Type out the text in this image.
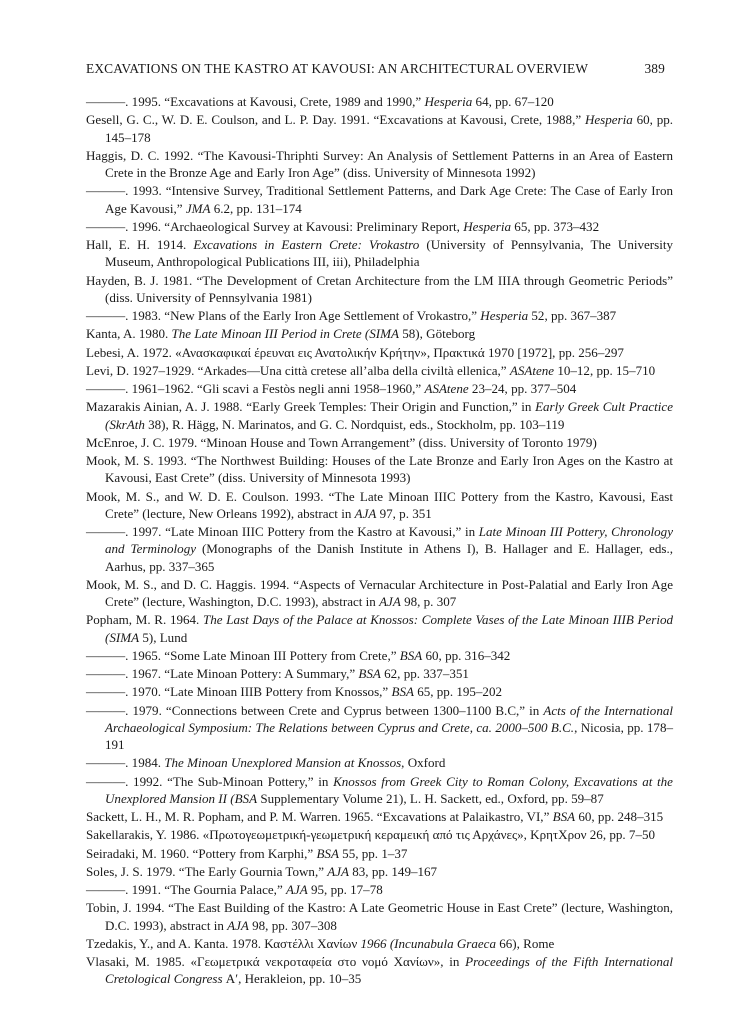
EXCAVATIONS ON THE KASTRO AT KAVOUSI: AN ARCHITECTURAL OVERVIEW	389
———. 1995. “Excavations at Kavousi, Crete, 1989 and 1990,” Hesperia 64, pp. 67–120
Gesell, G. C., W. D. E. Coulson, and L. P. Day. 1991. “Excavations at Kavousi, Crete, 1988,” Hesperia 60, pp. 145–178
Haggis, D. C. 1992. “The Kavousi-Thriphti Survey: An Analysis of Settlement Patterns in an Area of Eastern Crete in the Bronze Age and Early Iron Age” (diss. University of Minnesota 1992)
———. 1993. “Intensive Survey, Traditional Settlement Patterns, and Dark Age Crete: The Case of Early Iron Age Kavousi,” JMA 6.2, pp. 131–174
———. 1996. “Archaeological Survey at Kavousi: Preliminary Report, Hesperia 65, pp. 373–432
Hall, E. H. 1914. Excavations in Eastern Crete: Vrokastro (University of Pennsylvania, The University Museum, Anthropological Publications III, iii), Philadelphia
Hayden, B. J. 1981. “The Development of Cretan Architecture from the LM IIIA through Geometric Periods” (diss. University of Pennsylvania 1981)
———. 1983. “New Plans of the Early Iron Age Settlement of Vrokastro,” Hesperia 52, pp. 367–387
Kanta, A. 1980. The Late Minoan III Period in Crete (SIMA 58), Göteborg
Lebesi, A. 1972. «Ανασκαφικαί έρευναι εις Ανατολικήν Κρήτην», Πρακτικά 1970 [1972], pp. 256–297
Levi, D. 1927–1929. “Arkades—Una città cretese all’alba della civiltà ellenica,” ASAtene 10–12, pp. 15–710
———. 1961–1962. “Gli scavi a Festòs negli anni 1958–1960,” ASAtene 23–24, pp. 377–504
Mazarakis Ainian, A. J. 1988. “Early Greek Temples: Their Origin and Function,” in Early Greek Cult Practice (SkrAth 38), R. Hägg, N. Marinatos, and G. C. Nordquist, eds., Stockholm, pp. 103–119
McEnroe, J. C. 1979. “Minoan House and Town Arrangement” (diss. University of Toronto 1979)
Mook, M. S. 1993. “The Northwest Building: Houses of the Late Bronze and Early Iron Ages on the Kastro at Kavousi, East Crete” (diss. University of Minnesota 1993)
Mook, M. S., and W. D. E. Coulson. 1993. “The Late Minoan IIIC Pottery from the Kastro, Kavousi, East Crete” (lecture, New Orleans 1992), abstract in AJA 97, p. 351
———. 1997. “Late Minoan IIIC Pottery from the Kastro at Kavousi,” in Late Minoan III Pottery, Chronology and Terminology (Monographs of the Danish Institute in Athens I), B. Hallager and E. Hallager, eds., Aarhus, pp. 337–365
Mook, M. S., and D. C. Haggis. 1994. “Aspects of Vernacular Architecture in Post-Palatial and Early Iron Age Crete” (lecture, Washington, D.C. 1993), abstract in AJA 98, p. 307
Popham, M. R. 1964. The Last Days of the Palace at Knossos: Complete Vases of the Late Minoan IIIB Period (SIMA 5), Lund
———. 1965. “Some Late Minoan III Pottery from Crete,” BSA 60, pp. 316–342
———. 1967. “Late Minoan Pottery: A Summary,” BSA 62, pp. 337–351
———. 1970. “Late Minoan IIIB Pottery from Knossos,” BSA 65, pp. 195–202
———. 1979. “Connections between Crete and Cyprus between 1300–1100 B.C,” in Acts of the International Archaeological Symposium: The Relations between Cyprus and Crete, ca. 2000–500 B.C., Nicosia, pp. 178–191
———. 1984. The Minoan Unexplored Mansion at Knossos, Oxford
———. 1992. “The Sub-Minoan Pottery,” in Knossos from Greek City to Roman Colony, Excavations at the Unexplored Mansion II (BSA Supplementary Volume 21), L. H. Sackett, ed., Oxford, pp. 59–87
Sackett, L. H., M. R. Popham, and P. M. Warren. 1965. “Excavations at Palaikastro, VI,” BSA 60, pp. 248–315
Sakellarakis, Y. 1986. «Πρωτογεωμετρική-γεωμετρική κεραμεική από τις Αρχάνες», ΚρητΧρον 26, pp. 7–50
Seiradaki, M. 1960. “Pottery from Karphi,” BSA 55, pp. 1–37
Soles, J. S. 1979. “The Early Gournia Town,” AJA 83, pp. 149–167
———. 1991. “The Gournia Palace,” AJA 95, pp. 17–78
Tobin, J. 1994. “The East Building of the Kastro: A Late Geometric House in East Crete” (lecture, Washington, D.C. 1993), abstract in AJA 98, pp. 307–308
Tzedakis, Y., and A. Kanta. 1978. Καστέλλι Χανίων 1966 (Incunabula Graeca 66), Rome
Vlasaki, M. 1985. «Γεωμετρικά νεκροταφεία στο νομό Χανίων», in Proceedings of the Fifth International Cretological Congress Α′, Herakleion, pp. 10–35
